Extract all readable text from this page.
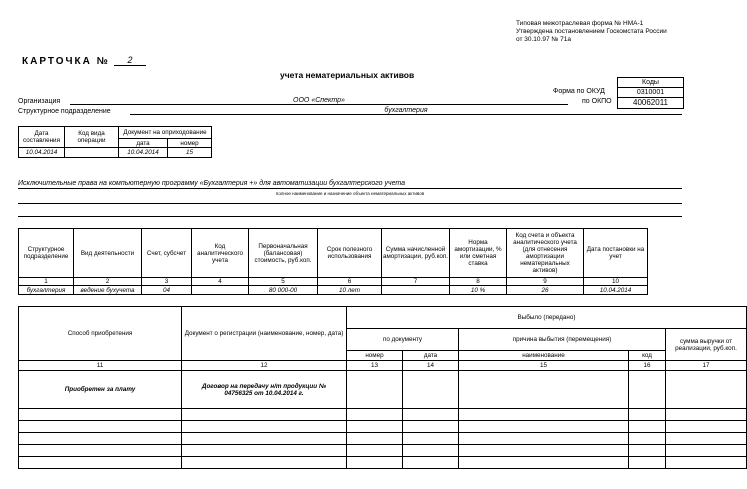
Типовая межотраслевая форма № НМА-1
Утверждена постановлением Госкомстата России
от 30.10.97 № 71а
КАРТОЧКА №	2
учета нематериальных активов
Коды
Форма по ОКУД	0310001
по ОКПО	40062011
Организация	ООО «Спектр»
Структурное подразделение	бухгалтерия
Дата составления	Код вида операции	Документ на оприходование	
		дата	номер
10.04.2014		10.04.2014	15
Исключительные права на компьютерную программу «Бухгалтерия +» для автоматизации бухгалтерского учета
полное наименование и назначение объекта нематериальных активов
Структурное подразделение	Вид деятельности	Счет, субсчет	Код аналитического учета	Первоначальная (балансовая) стоимость, руб.коп.	Срок полезного использования	Сумма начисленной амортизации, руб.коп.	Норма амортизации, % или сметная ставка	Код счета и объекта аналитического учета (для отнесения амортизации нематериальных активов)	Дата постановки на учет
1	2	3	4	5	6	7	8	9	10
бухгалтерия	ведение бухучета	04		80 000-00	10 лет		10 %	26	10.04.2014
Способ приобретения	Документ о регистрации (наименование, номер, дата)	Выбыло (передано)				
		по документу		причина выбытия (перемещения)		сумма выручки от реализации, руб.коп.
		номер	дата	наименование	код	
11	12	13	14	15	16	17
Приобретен за плату	Договор на передачу н/т продукции № 04756325 от 10.04.2014 г.					
